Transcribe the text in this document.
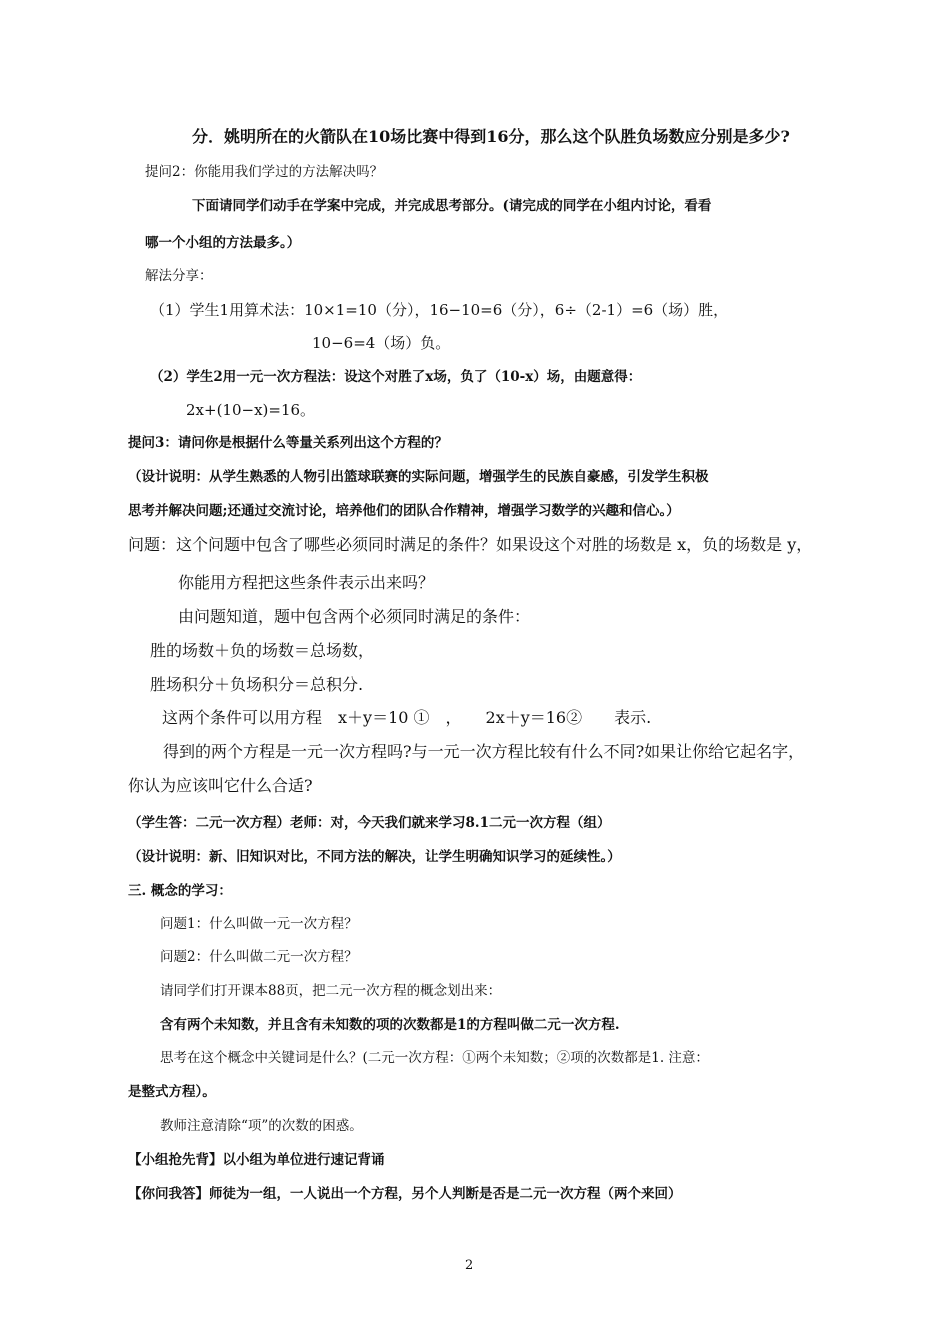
分．姚明所在的火箭队在10场比赛中得到16分，那么这个队胜负场数应分别是多少?
提问2：你能用我们学过的方法解决吗？
下面请同学们动手在学案中完成，并完成思考部分。(请完成的同学在小组内讨论，看看
哪一个小组的方法最多。）
解法分享：
（1）学生1用算术法：10×1=10（分），16−10=6（分），6÷（2-1）=6（场）胜，
10−6=4（场）负。
（2）学生2用一元一次方程法：设这个对胜了x场，负了（10-x）场，由题意得：
2x+(10−x)=16。
提问3：请问你是根据什么等量关系列出这个方程的？
（设计说明：从学生熟悉的人物引出篮球联赛的实际问题，增强学生的民族自豪感，引发学生积极
思考并解决问题;还通过交流讨论，培养他们的团队合作精神，增强学习数学的兴趣和信心。）
问题：这个问题中包含了哪些必须同时满足的条件？如果设这个对胜的场数是 x，负的场数是 y，
你能用方程把这些条件表示出来吗？
由问题知道，题中包含两个必须同时满足的条件：
胜的场数＋负的场数＝总场数，
胜场积分＋负场积分＝总积分.
这两个条件可以用方程　x＋y＝10 ①　，　　2x＋y＝16②　　表示.
得到的两个方程是一元一次方程吗?与一元一次方程比较有什么不同?如果让你给它起名字，
你认为应该叫它什么合适?
（学生答：二元一次方程）老师：对，今天我们就来学习8.1二元一次方程（组）
（设计说明：新、旧知识对比，不同方法的解决，让学生明确知识学习的延续性。）
三. 概念的学习：
问题1：什么叫做一元一次方程？
问题2：什么叫做二元一次方程？
请同学们打开课本88页，把二元一次方程的概念划出来：
含有两个未知数，并且含有未知数的项的次数都是1的方程叫做二元一次方程.
思考在这个概念中关键词是什么？(二元一次方程：①两个未知数；②项的次数都是1. 注意：
是整式方程）。
教师注意清除“项”的次数的困惑。
【小组抢先背】以小组为单位进行速记背诵
【你问我答】师徒为一组，一人说出一个方程，另个人判断是否是二元一次方程（两个来回）
2
